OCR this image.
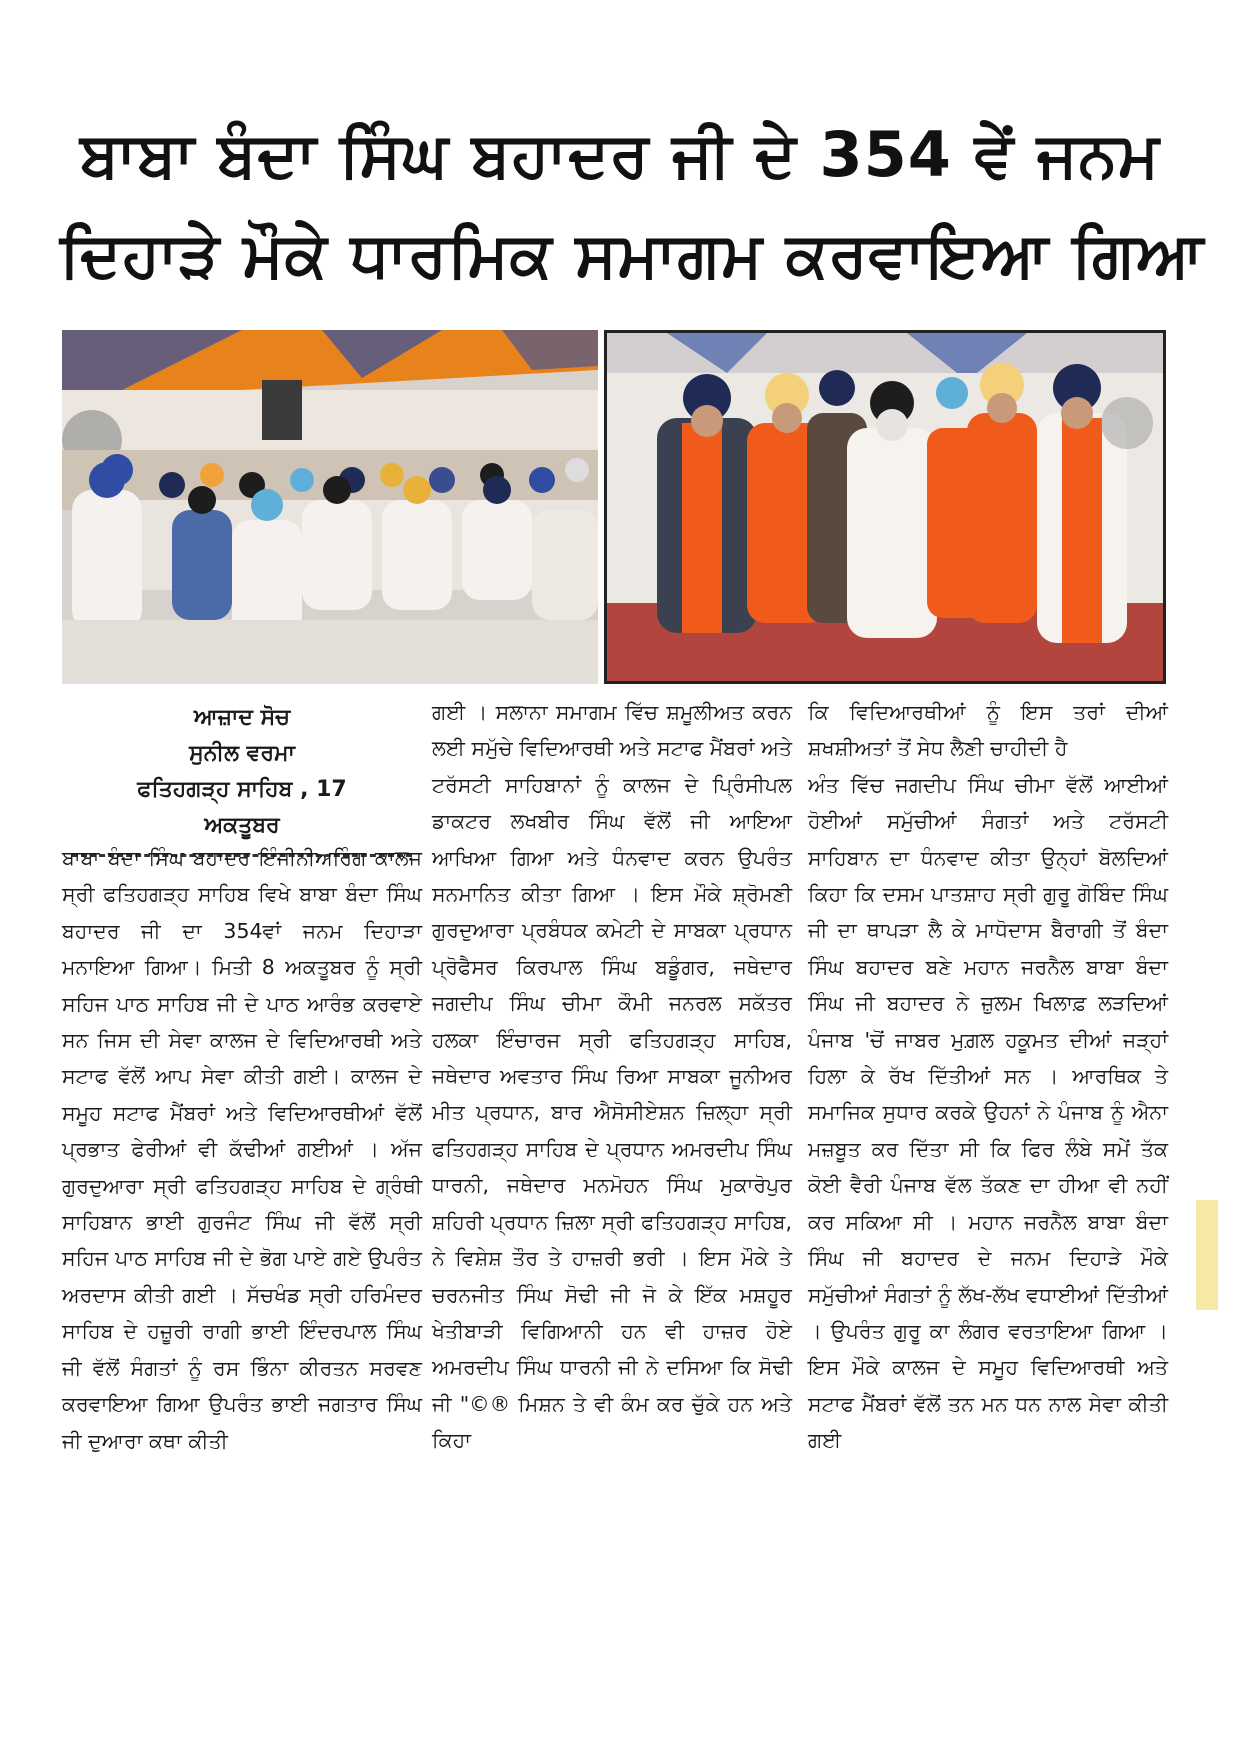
ਬਾਬਾ ਬੰਦਾ ਸਿੰਘ ਬਹਾਦਰ ਜੀ ਦੇ 354 ਵੇਂ ਜਨਮ
ਦਿਹਾੜੇ ਮੌਕੇ ਧਾਰਮਿਕ ਸਮਾਗਮ ਕਰਵਾਇਆ ਗਿਆ
ਆਜ਼ਾਦ ਸੋਚ
ਸੁਨੀਲ ਵਰਮਾ
ਫਤਿਹਗੜ੍ਹ ਸਾਹਿਬ , 17
ਅਕਤੂਬਰ

ਬਾਬਾ ਬੰਦਾ ਸਿੰਘ ਬਹਾਦਰ ਇੰਜੀਨੀਅਰਿੰਗ ਕਾਲਜ ਸ੍ਰੀ ਫਤਿਹਗੜ੍ਹ ਸਾਹਿਬ ਵਿਖੇ ਬਾਬਾ ਬੰਦਾ ਸਿੰਘ ਬਹਾਦਰ ਜੀ ਦਾ 354ਵਾਂ ਜਨਮ ਦਿਹਾੜਾ ਮਨਾਇਆ ਗਿਆ। ਮਿਤੀ 8 ਅਕਤੂਬਰ ਨੂੰ ਸ੍ਰੀ ਸਹਿਜ ਪਾਠ ਸਾਹਿਬ ਜੀ ਦੇ ਪਾਠ ਆਰੰਭ ਕਰਵਾਏ ਸਨ ਜਿਸ ਦੀ ਸੇਵਾ ਕਾਲਜ ਦੇ ਵਿਦਿਆਰਥੀ ਅਤੇ ਸਟਾਫ ਵੱਲੋਂ ਆਪ ਸੇਵਾ ਕੀਤੀ ਗਈ। ਕਾਲਜ ਦੇ ਸਮੂਹ ਸਟਾਫ ਮੈਂਬਰਾਂ ਅਤੇ ਵਿਦਿਆਰਥੀਆਂ ਵੱਲੋਂ ਪ੍ਰਭਾਤ ਫੇਰੀਆਂ ਵੀ ਕੱਢੀਆਂ ਗਈਆਂ । ਅੱਜ ਗੁਰਦੁਆਰਾ ਸ੍ਰੀ ਫਤਿਹਗੜ੍ਹ ਸਾਹਿਬ ਦੇ ਗ੍ਰੰਥੀ ਸਾਹਿਬਾਨ ਭਾਈ ਗੁਰਜੰਟ ਸਿੰਘ ਜੀ ਵੱਲੋਂ ਸ੍ਰੀ ਸਹਿਜ ਪਾਠ ਸਾਹਿਬ ਜੀ ਦੇ ਭੋਗ ਪਾਏ ਗਏ ਉਪਰੰਤ ਅਰਦਾਸ ਕੀਤੀ ਗਈ । ਸੱਚਖੰਡ ਸ੍ਰੀ ਹਰਿਮੰਦਰ ਸਾਹਿਬ ਦੇ ਹਜ਼ੂਰੀ ਰਾਗੀ ਭਾਈ ਇੰਦਰਪਾਲ ਸਿੰਘ ਜੀ ਵੱਲੋਂ ਸੰਗਤਾਂ ਨੂੰ ਰਸ ਭਿੰਨਾ ਕੀਰਤਨ ਸਰਵਣ ਕਰਵਾਇਆ ਗਿਆ ਉਪਰੰਤ ਭਾਈ ਜਗਤਾਰ ਸਿੰਘ ਜੀ ਦੁਆਰਾ ਕਥਾ ਕੀਤੀ

ਗਈ । ਸਲਾਨਾ ਸਮਾਗਮ ਵਿੱਚ ਸ਼ਮੂਲੀਅਤ ਕਰਨ ਲਈ ਸਮੁੱਚੇ ਵਿਦਿਆਰਥੀ ਅਤੇ ਸਟਾਫ ਮੈਂਬਰਾਂ ਅਤੇ ਟਰੱਸਟੀ ਸਾਹਿਬਾਨਾਂ ਨੂੰ ਕਾਲਜ ਦੇ ਪ੍ਰਿੰਸੀਪਲ ਡਾਕਟਰ ਲਖਬੀਰ ਸਿੰਘ ਵੱਲੋਂ ਜੀ ਆਇਆ ਆਖਿਆ ਗਿਆ ਅਤੇ ਧੰਨਵਾਦ ਕਰਨ ਉਪਰੰਤ ਸਨਮਾਨਿਤ ਕੀਤਾ ਗਿਆ । ਇਸ ਮੌਕੇ ਸ਼੍ਰੋਮਣੀ ਗੁਰਦੁਆਰਾ ਪ੍ਰਬੰਧਕ ਕਮੇਟੀ ਦੇ ਸਾਬਕਾ ਪ੍ਰਧਾਨ ਪ੍ਰੋਫੈਸਰ ਕਿਰਪਾਲ ਸਿੰਘ ਬਡੂੰਗਰ, ਜਥੇਦਾਰ ਜਗਦੀਪ ਸਿੰਘ ਚੀਮਾ ਕੌਮੀ ਜਨਰਲ ਸਕੱਤਰ ਹਲਕਾ ਇੰਚਾਰਜ ਸ੍ਰੀ ਫਤਿਹਗੜ੍ਹ ਸਾਹਿਬ, ਜਥੇਦਾਰ ਅਵਤਾਰ ਸਿੰਘ ਰਿਆ ਸਾਬਕਾ ਜੂਨੀਅਰ ਮੀਤ ਪ੍ਰਧਾਨ, ਬਾਰ ਐਸੋਸੀਏਸ਼ਨ ਜ਼ਿਲ੍ਹਾ ਸ੍ਰੀ ਫਤਿਹਗੜ੍ਹ ਸਾਹਿਬ ਦੇ ਪ੍ਰਧਾਨ ਅਮਰਦੀਪ ਸਿੰਘ ਧਾਰਨੀ, ਜਥੇਦਾਰ ਮਨਮੋਹਨ ਸਿੰਘ ਮੁਕਾਰੋਪੁਰ ਸ਼ਹਿਰੀ ਪ੍ਰਧਾਨ ਜ਼ਿਲਾ ਸ੍ਰੀ ਫਤਿਹਗੜ੍ਹ ਸਾਹਿਬ, ਨੇ ਵਿਸ਼ੇਸ਼ ਤੌਰ ਤੇ ਹਾਜ਼ਰੀ ਭਰੀ । ਇਸ ਮੌਕੇ ਤੇ ਚਰਨਜੀਤ ਸਿੰਘ ਸੋਢੀ ਜੀ ਜੋ ਕੇ ਇੱਕ ਮਸ਼ਹੂਰ ਖੇਤੀਬਾੜੀ ਵਿਗਿਆਨੀ ਹਨ ਵੀ ਹਾਜ਼ਰ ਹੋਏ ਅਮਰਦੀਪ ਸਿੰਘ ਧਾਰਨੀ ਜੀ ਨੇ ਦਸਿਆ ਕਿ ਸੋਢੀ ਜੀ "©® ਮਿਸ਼ਨ ਤੇ ਵੀ ਕੰਮ ਕਰ ਚੁੱਕੇ ਹਨ ਅਤੇ ਕਿਹਾ

ਕਿ ਵਿਦਿਆਰਥੀਆਂ ਨੂੰ ਇਸ ਤਰਾਂ ਦੀਆਂ ਸ਼ਖਸ਼ੀਅਤਾਂ ਤੋਂ ਸੇਧ ਲੈਣੀ ਚਾਹੀਦੀ ਹੈ

ਅੰਤ ਵਿੱਚ ਜਗਦੀਪ ਸਿੰਘ ਚੀਮਾ ਵੱਲੋਂ ਆਈਆਂ ਹੋਈਆਂ ਸਮੁੱਚੀਆਂ ਸੰਗਤਾਂ ਅਤੇ ਟਰੱਸਟੀ ਸਾਹਿਬਾਨ ਦਾ ਧੰਨਵਾਦ ਕੀਤਾ ਉਨ੍ਹਾਂ ਬੋਲਦਿਆਂ ਕਿਹਾ ਕਿ ਦਸਮ ਪਾਤਸ਼ਾਹ ਸ੍ਰੀ ਗੁਰੂ ਗੋਬਿੰਦ ਸਿੰਘ ਜੀ ਦਾ ਥਾਪੜਾ ਲੈ ਕੇ ਮਾਧੋਦਾਸ ਬੈਰਾਗੀ ਤੋਂ ਬੰਦਾ ਸਿੰਘ ਬਹਾਦਰ ਬਣੇ ਮਹਾਨ ਜਰਨੈਲ ਬਾਬਾ ਬੰਦਾ ਸਿੰਘ ਜੀ ਬਹਾਦਰ ਨੇ ਜ਼ੁਲਮ ਖਿਲਾਫ਼ ਲੜਦਿਆਂ ਪੰਜਾਬ 'ਚੋਂ ਜਾਬਰ ਮੁਗ਼ਲ ਹਕੂਮਤ ਦੀਆਂ ਜੜ੍ਹਾਂ ਹਿਲਾ ਕੇ ਰੱਖ ਦਿੱਤੀਆਂ ਸਨ । ਆਰਥਿਕ ਤੇ ਸਮਾਜਿਕ ਸੁਧਾਰ ਕਰਕੇ ਉਹਨਾਂ ਨੇ ਪੰਜਾਬ ਨੂੰ ਐਨਾ ਮਜ਼ਬੂਤ ਕਰ ਦਿੱਤਾ ਸੀ ਕਿ ਫਿਰ ਲੰਬੇ ਸਮੇਂ ਤੱਕ ਕੋਈ ਵੈਰੀ ਪੰਜਾਬ ਵੱਲ ਤੱਕਣ ਦਾ ਹੀਆ ਵੀ ਨਹੀਂ ਕਰ ਸਕਿਆ ਸੀ । ਮਹਾਨ ਜਰਨੈਲ ਬਾਬਾ ਬੰਦਾ ਸਿੰਘ ਜੀ ਬਹਾਦਰ ਦੇ ਜਨਮ ਦਿਹਾੜੇ ਮੌਕੇ ਸਮੁੱਚੀਆਂ ਸੰਗਤਾਂ ਨੂੰ ਲੱਖ-ਲੱਖ ਵਧਾਈਆਂ ਦਿੱਤੀਆਂ । ਉਪਰੰਤ ਗੁਰੂ ਕਾ ਲੰਗਰ ਵਰਤਾਇਆ ਗਿਆ । ਇਸ ਮੌਕੇ ਕਾਲਜ ਦੇ ਸਮੂਹ ਵਿਦਿਆਰਥੀ ਅਤੇ ਸਟਾਫ ਮੈਂਬਰਾਂ ਵੱਲੋਂ ਤਨ ਮਨ ਧਨ ਨਾਲ ਸੇਵਾ ਕੀਤੀ ਗਈ
